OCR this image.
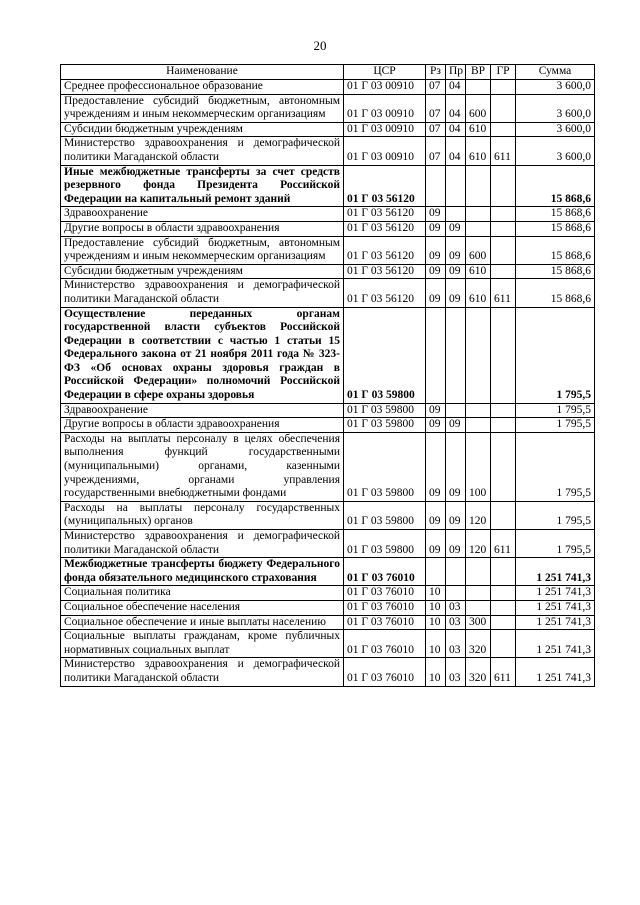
20
Наименование	ЦСР	Рз	Пр	ВР	ГР	Сумма
Среднее профессиональное образование	01 Г 03 00910	07	04			3 600,0
Предоставление субсидий бюджетным, автономным учреждениям и иным некоммерческим организациям	01 Г 03 00910	07	04	600		3 600,0
Субсидии бюджетным учреждениям	01 Г 03 00910	07	04	610		3 600,0
Министерство здравоохранения и демографической политики Магаданской области	01 Г 03 00910	07	04	610	611	3 600,0
Иные межбюджетные трансферты за счет средств резервного фонда Президента Российской Федерации на капитальный ремонт зданий	01 Г 03 56120					15 868,6
Здравоохранение	01 Г 03 56120	09				15 868,6
Другие вопросы в области здравоохранения	01 Г 03 56120	09	09			15 868,6
Предоставление субсидий бюджетным, автономным учреждениям и иным некоммерческим организациям	01 Г 03 56120	09	09	600		15 868,6
Субсидии бюджетным учреждениям	01 Г 03 56120	09	09	610		15 868,6
Министерство здравоохранения и демографической политики Магаданской области	01 Г 03 56120	09	09	610	611	15 868,6
Осуществление переданных органам государственной власти субъектов Российской Федерации в соответствии с частью 1 статьи 15 Федерального закона от 21 ноября 2011 года № 323-ФЗ «Об основах охраны здоровья граждан в Российской Федерации» полномочий Российской Федерации в сфере охраны здоровья	01 Г 03 59800					1 795,5
Здравоохранение	01 Г 03 59800	09				1 795,5
Другие вопросы в области здравоохранения	01 Г 03 59800	09	09			1 795,5
Расходы на выплаты персоналу в целях обеспечения выполнения функций государственными (муниципальными) органами, казенными учреждениями, органами управления государственными внебюджетными фондами	01 Г 03 59800	09	09	100		1 795,5
Расходы на выплаты персоналу государственных (муниципальных) органов	01 Г 03 59800	09	09	120		1 795,5
Министерство здравоохранения и демографической политики Магаданской области	01 Г 03 59800	09	09	120	611	1 795,5
Межбюджетные трансферты бюджету Федерального фонда обязательного медицинского страхования	01 Г 03 76010					1 251 741,3
Социальная политика	01 Г 03 76010	10				1 251 741,3
Социальное обеспечение населения	01 Г 03 76010	10	03			1 251 741,3
Социальное обеспечение и иные выплаты населению	01 Г 03 76010	10	03	300		1 251 741,3
Социальные выплаты гражданам, кроме публичных нормативных социальных выплат	01 Г 03 76010	10	03	320		1 251 741,3
Министерство здравоохранения и демографической политики Магаданской области	01 Г 03 76010	10	03	320	611	1 251 741,3
